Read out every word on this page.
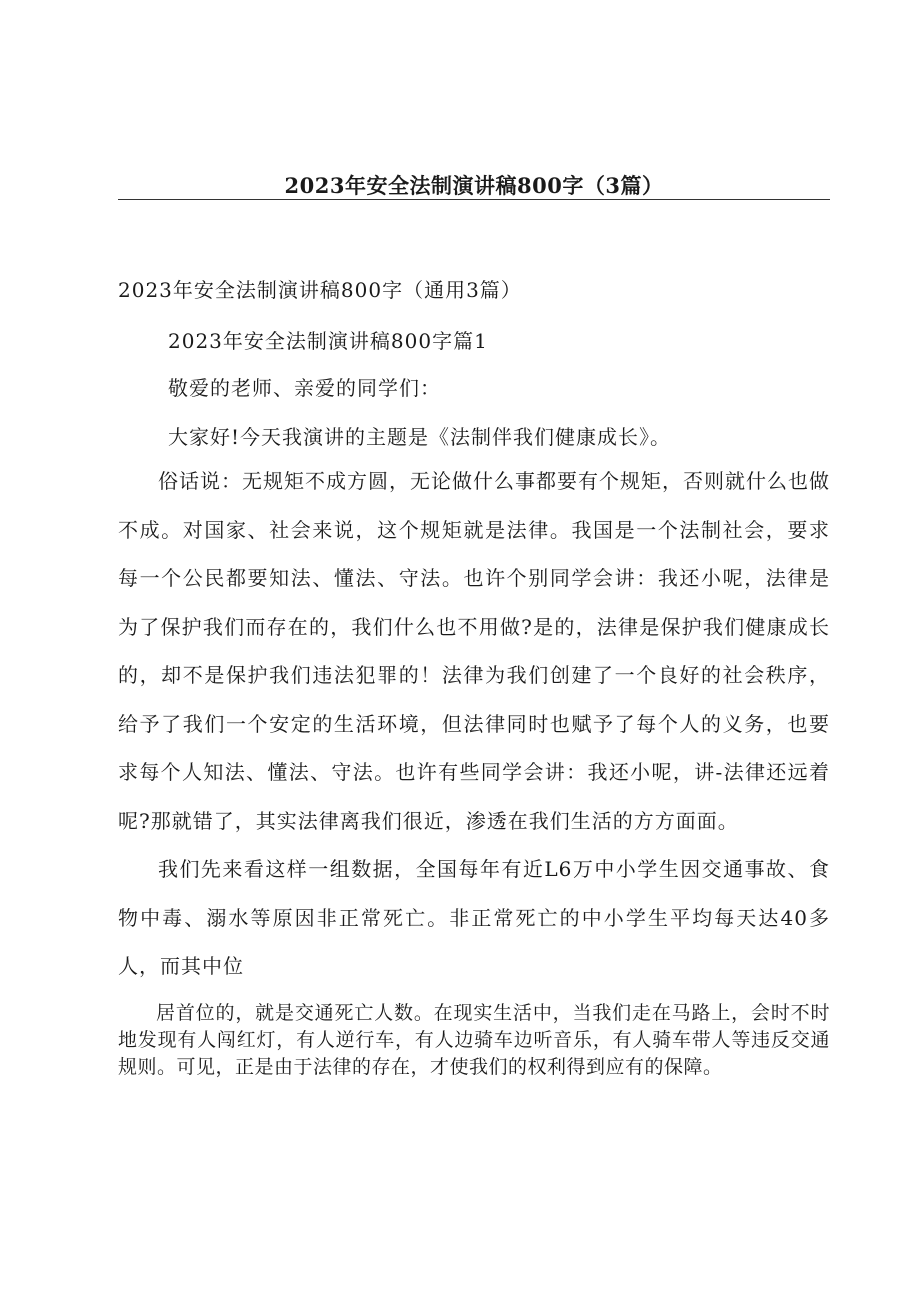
2023年安全法制演讲稿800字（3篇）
2023年安全法制演讲稿800字（通用3篇）
2023年安全法制演讲稿800字篇1
敬爱的老师、亲爱的同学们：
大家好!今天我演讲的主题是《法制伴我们健康成长》。

俗话说：无规矩不成方圆，无论做什么事都要有个规矩，否则就什么也做不成。对国家、社会来说，这个规矩就是法律。我国是一个法制社会，要求每一个公民都要知法、懂法、守法。也许个别同学会讲：我还小呢，法律是为了保护我们而存在的，我们什么也不用做?是的，法律是保护我们健康成长的，却不是保护我们违法犯罪的！法律为我们创建了一个良好的社会秩序，给予了我们一个安定的生活环境，但法律同时也赋予了每个人的义务，也要求每个人知法、懂法、守法。也许有些同学会讲：我还小呢，讲-法律还远着呢?那就错了，其实法律离我们很近，渗透在我们生活的方方面面。

我们先来看这样一组数据，全国每年有近L6万中小学生因交通事故、食物中毒、溺水等原因非正常死亡。非正常死亡的中小学生平均每天达40多人，而其中位

居首位的，就是交通死亡人数。在现实生活中，当我们走在马路上，会时不时地发现有人闯红灯，有人逆行车，有人边骑车边听音乐，有人骑车带人等违反交通规则。可见，正是由于法律的存在，才使我们的权利得到应有的保障。
